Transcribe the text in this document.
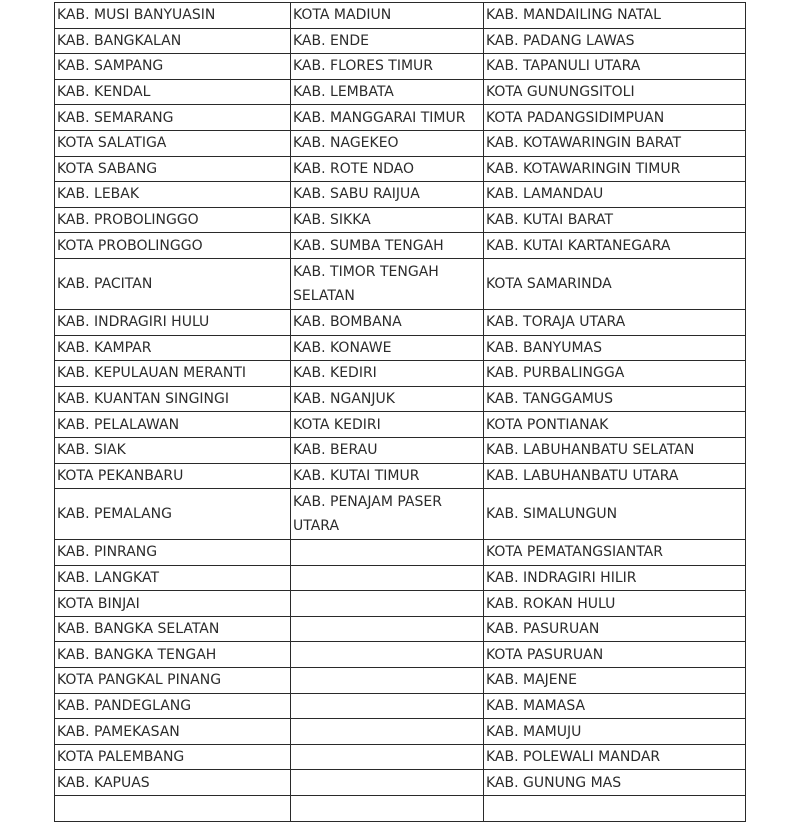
KAB. MUSI BANYUASIN	KOTA MADIUN	KAB. MANDAILING NATAL

KAB. BANGKALAN	KAB. ENDE	KAB. PADANG LAWAS

KAB. SAMPANG	KAB. FLORES TIMUR	KAB. TAPANULI UTARA

KAB. KENDAL	KAB. LEMBATA	KOTA GUNUNGSITOLI

KAB. SEMARANG	KAB. MANGGARAI TIMUR	KOTA PADANGSIDIMPUAN

KOTA SALATIGA	KAB. NAGEKEO	KAB. KOTAWARINGIN BARAT

KOTA SABANG	KAB. ROTE NDAO	KAB. KOTAWARINGIN TIMUR

KAB. LEBAK	KAB. SABU RAIJUA	KAB. LAMANDAU

KAB. PROBOLINGGO	KAB. SIKKA	KAB. KUTAI BARAT

KOTA PROBOLINGGO	KAB. SUMBA TENGAH	KAB. KUTAI KARTANEGARA

KAB. PACITAN	KAB. TIMOR TENGAH SELATAN	KOTA SAMARINDA

KAB. INDRAGIRI HULU	KAB. BOMBANA	KAB. TORAJA UTARA

KAB. KAMPAR	KAB. KONAWE	KAB. BANYUMAS

KAB. KEPULAUAN MERANTI	KAB. KEDIRI	KAB. PURBALINGGA

KAB. KUANTAN SINGINGI	KAB. NGANJUK	KAB. TANGGAMUS

KAB. PELALAWAN	KOTA KEDIRI	KOTA PONTIANAK

KAB. SIAK	KAB. BERAU	KAB. LABUHANBATU SELATAN

KOTA PEKANBARU	KAB. KUTAI TIMUR	KAB. LABUHANBATU UTARA

KAB. PEMALANG	KAB. PENAJAM PASER UTARA	KAB. SIMALUNGUN

KAB. PINRANG		KOTA PEMATANGSIANTAR

KAB. LANGKAT		KAB. INDRAGIRI HILIR

KOTA BINJAI		KAB. ROKAN HULU

KAB. BANGKA SELATAN		KAB. PASURUAN

KAB. BANGKA TENGAH		KOTA PASURUAN

KOTA PANGKAL PINANG		KAB. MAJENE

KAB. PANDEGLANG		KAB. MAMASA

KAB. PAMEKASAN		KAB. MAMUJU

KOTA PALEMBANG		KAB. POLEWALI MANDAR

KAB. KAPUAS		KAB. GUNUNG MAS
